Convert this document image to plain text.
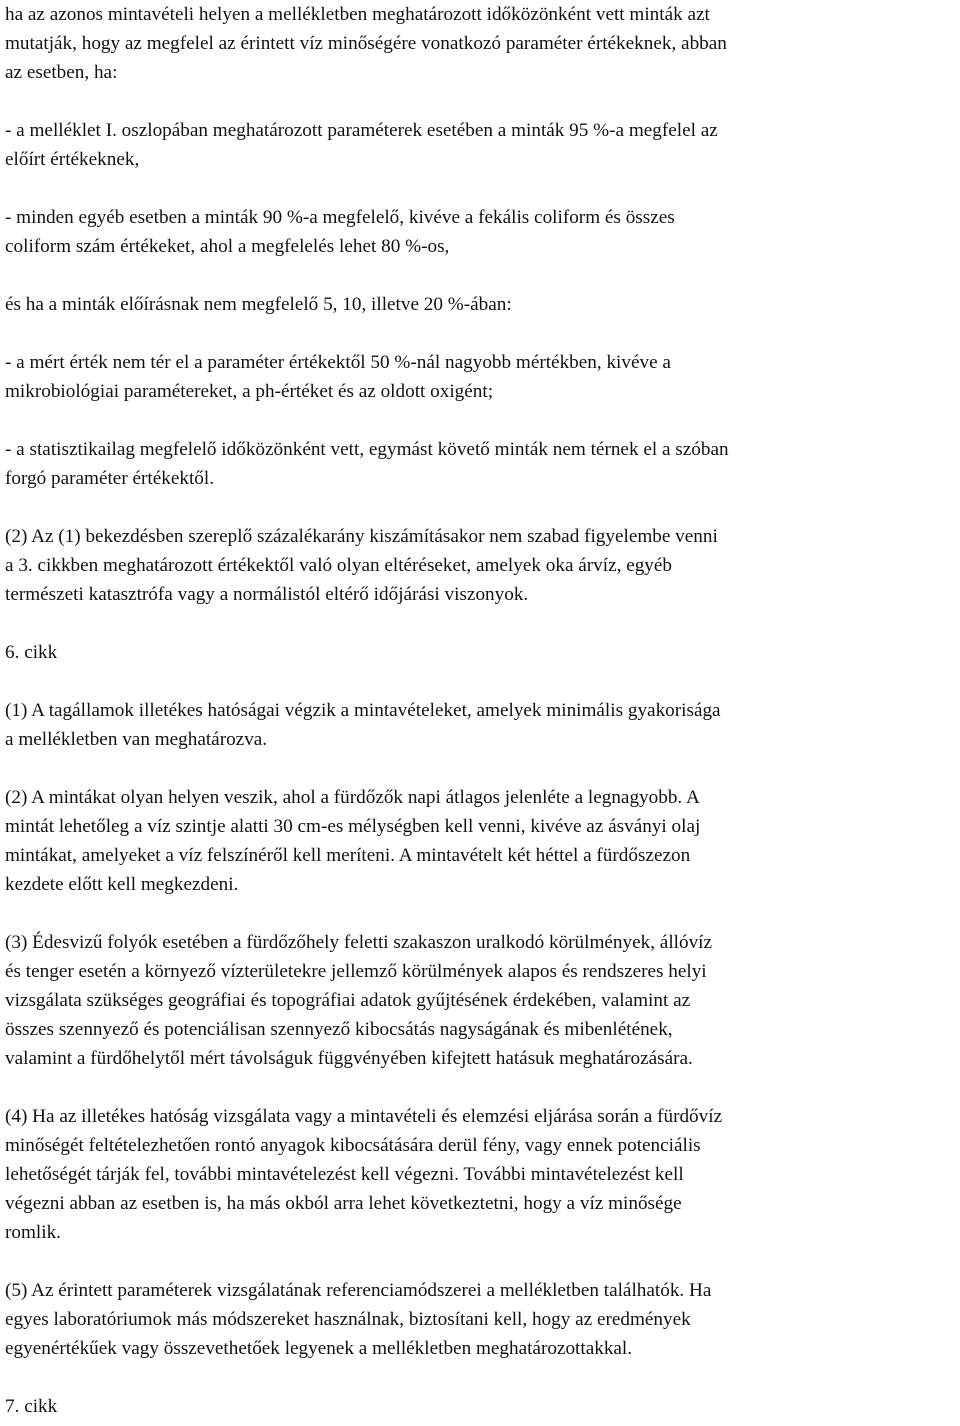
ha az azonos mintavételi helyen a mellékletben meghatározott időközönként vett minták azt
mutatják, hogy az megfelel az érintett víz minőségére vonatkozó paraméter értékeknek, abban
az esetben, ha:
- a melléklet I. oszlopában meghatározott paraméterek esetében a minták 95 %-a megfelel az
előírt értékeknek,
- minden egyéb esetben a minták 90 %-a megfelelő, kivéve a fekális coliform és összes
coliform szám értékeket, ahol a megfelelés lehet 80 %-os,
és ha a minták előírásnak nem megfelelő 5, 10, illetve 20 %-ában:
- a mért érték nem tér el a paraméter értékektől 50 %-nál nagyobb mértékben, kivéve a
mikrobiológiai paramétereket, a ph-értéket és az oldott oxigént;
- a statisztikailag megfelelő időközönként vett, egymást követő minták nem térnek el a szóban
forgó paraméter értékektől.
(2) Az (1) bekezdésben szereplő százalékarány kiszámításakor nem szabad figyelembe venni
a 3. cikkben meghatározott értékektől való olyan eltéréseket, amelyek oka árvíz, egyéb
természeti katasztrófa vagy a normálistól eltérő időjárási viszonyok.
6. cikk
(1) A tagállamok illetékes hatóságai végzik a mintavételeket, amelyek minimális gyakorisága
a mellékletben van meghatározva.
(2) A mintákat olyan helyen veszik, ahol a fürdőzők napi átlagos jelenléte a legnagyobb. A
mintát lehetőleg a víz szintje alatti 30 cm-es mélységben kell venni, kivéve az ásványi olaj
mintákat, amelyeket a víz felszínéről kell meríteni. A mintavételt két héttel a fürdőszezon
kezdete előtt kell megkezdeni.
(3) Édesvizű folyók esetében a fürdőzőhely feletti szakaszon uralkodó körülmények, állóvíz
és tenger esetén a környező vízterületekre jellemző körülmények alapos és rendszeres helyi
vizsgálata szükséges geográfiai és topográfiai adatok gyűjtésének érdekében, valamint az
összes szennyező és potenciálisan szennyező kibocsátás nagyságának és mibenlétének,
valamint a fürdőhelytől mért távolságuk függvényében kifejtett hatásuk meghatározására.
(4) Ha az illetékes hatóság vizsgálata vagy a mintavételi és elemzési eljárása során a fürdővíz
minőségét feltételezhetően rontó anyagok kibocsátására derül fény, vagy ennek potenciális
lehetőségét tárják fel, további mintavételezést kell végezni. További mintavételezést kell
végezni abban az esetben is, ha más okból arra lehet következtetni, hogy a víz minősége
romlik.
(5) Az érintett paraméterek vizsgálatának referenciamódszerei a mellékletben találhatók. Ha
egyes laboratóriumok más módszereket használnak, biztosítani kell, hogy az eredmények
egyenértékűek vagy összevethetőek legyenek a mellékletben meghatározottakkal.
7. cikk
